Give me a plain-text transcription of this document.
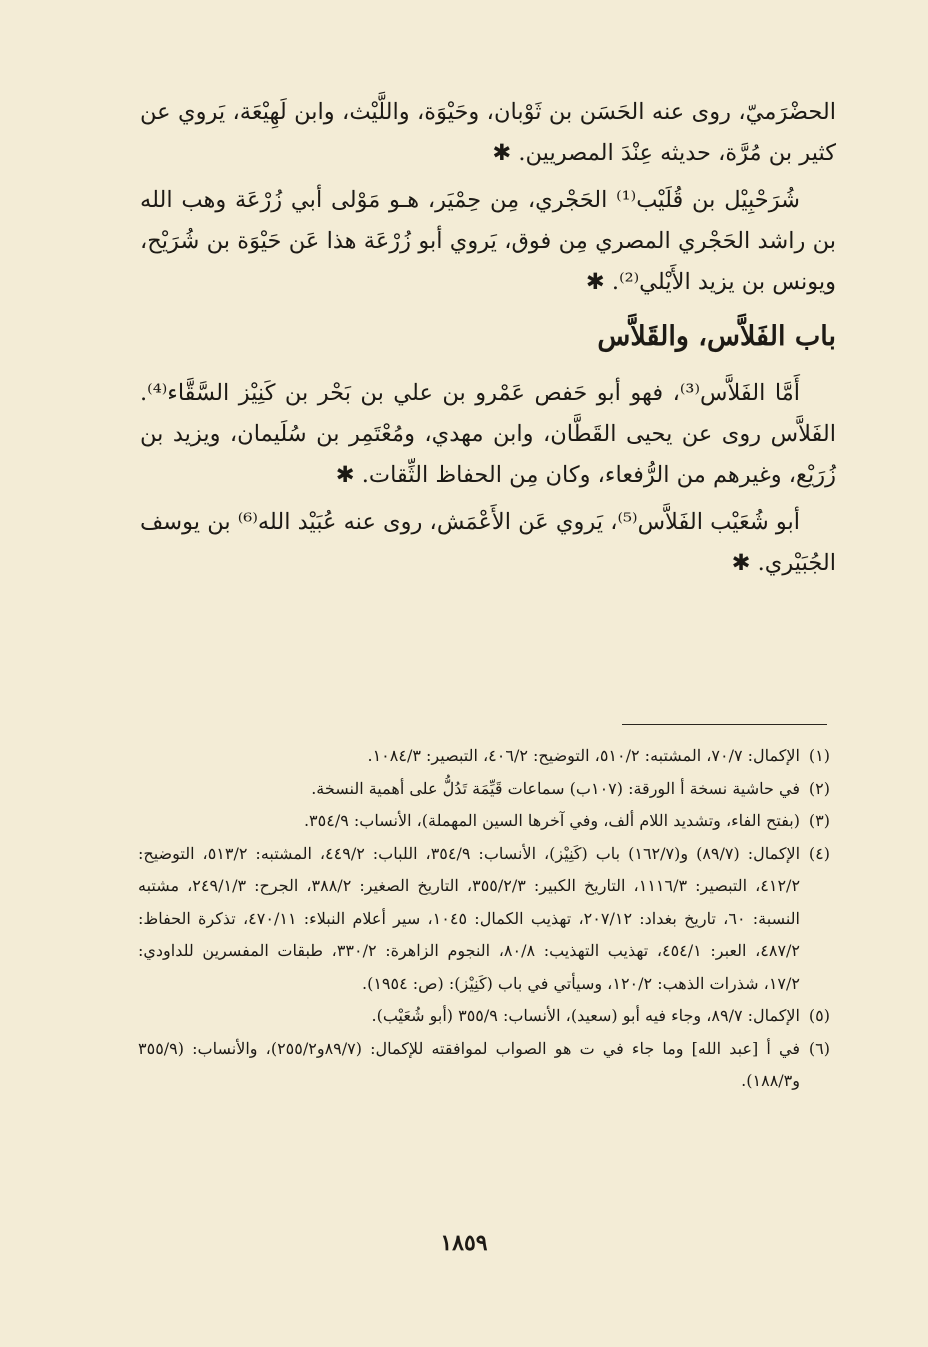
الحضْرَميّ، روى عنه الحَسَن بن ثَوْبان، وحَيْوَة، واللَّيْث، وابن لَهِيْعَة، يَروي عن كثير بن مُرَّة، حديثه عِنْدَ المصريين. ✱

شُرَحْبِيْل بن قُلَيْب⁽¹⁾ الحَجْري، مِن حِمْيَر، هـو مَوْلى أبي زُرْعَة وهب الله بن راشد الحَجْري المصري مِن فوق، يَروي أبو زُرْعَة هذا عَن حَيْوَة بن شُرَيْح، ويونس بن يزيد الأَيْلي⁽²⁾. ✱

باب الفَلاَّس، والقَلاَّس

أَمَّا الفَلاَّس⁽³⁾، فهو أبو حَفص عَمْرو بن علي بن بَحْر بن كَنِيْز السَّقَّاء⁽⁴⁾. الفَلاَّس روى عن يحيى القَطَّان، وابن مهدي، ومُعْتَمِر بن سُلَيمان، ويزيد بن زُرَيْع، وغيرهم من الرُّفعاء، وكان مِن الحفاظ الثِّقات. ✱

أبو شُعَيْب الفَلاَّس⁽⁵⁾، يَروي عَن الأَعْمَش، روى عنه عُبَيْد الله⁽⁶⁾ بن يوسف الجُبَيْري. ✱

(١)
الإكمال: ٧٠/٧، المشتبه: ٥١٠/٢، التوضيح: ٤٠٦/٢، التبصير: ١٠٨٤/٣.

(٢)
في حاشية نسخة أ الورقة: (١٠٧ب) سماعات قَيِّمَة تَدُلُّ على أهمية النسخة.

(٣)
(بفتح الفاء، وتشديد اللام ألف، وفي آخرها السين المهملة)، الأنساب: ٣٥٤/٩.

(٤)
الإكمال: (٨٩/٧) و(١٦٢/٧) باب (كَنِيْز)، الأنساب: ٣٥٤/٩، اللباب: ٤٤٩/٢، المشتبه: ٥١٣/٢، التوضيح: ٤١٢/٢، التبصير: ١١١٦/٣، التاريخ الكبير: ٣٥٥/٢/٣، التاريخ الصغير: ٣٨٨/٢، الجرح: ٢٤٩/١/٣، مشتبه النسبة: ٦٠، تاريخ بغداد: ٢٠٧/١٢، تهذيب الكمال: ١٠٤٥، سير أعلام النبلاء: ٤٧٠/١١، تذكرة الحفاظ: ٤٨٧/٢، العبر: ٤٥٤/١، تهذيب التهذيب: ٨٠/٨، النجوم الزاهرة: ٣٣٠/٢، طبقات المفسرين للداودي: ١٧/٢، شذرات الذهب: ١٢٠/٢، وسيأتي في باب (كَنِيْز): (ص: ١٩٥٤).

(٥)
الإكمال: ٨٩/٧، وجاء فيه أبو (سعيد)، الأنساب: ٣٥٥/٩ (أبو شُعَيْب).

(٦)
في أ [عبد الله] وما جاء في ت هو الصواب لموافقته للإكمال: (٨٩/٧و٢٥٥/٢)، والأنساب: (٣٥٥/٩ و١٨٨/٣).

١٨٥٩
